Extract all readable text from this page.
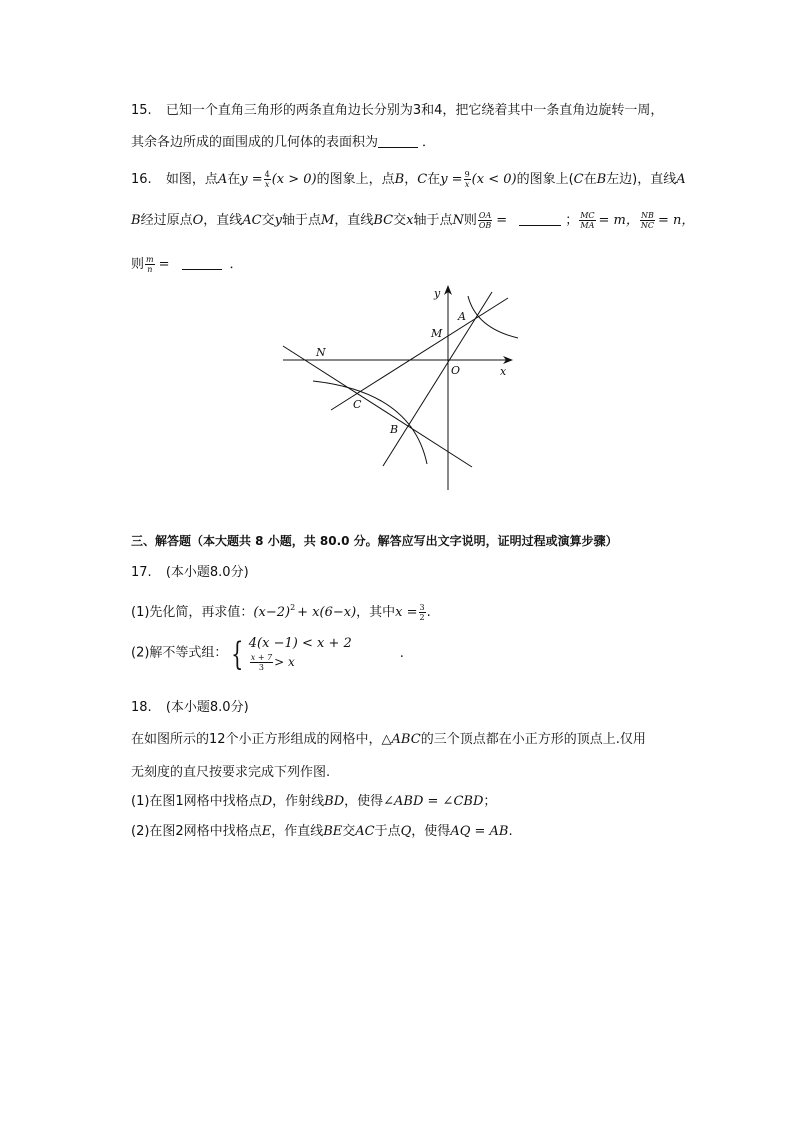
15. 已知一个直角三角形的两条直角边长分别为3和4，把它绕着其中一条直角边旋转一周，
其余各边所成的面围成的几何体的表面积为	．
16. 如图，点A在$y = \frac{4}{x} (x > 0)$的图象上，点B，C在$y = \frac{9}{x} (x < 0)$的图象上(C在B左边)，直线A
B经过原点O，直线AC交y轴于点M，直线BC交x轴于点N则 $\frac{OA}{OB}$ =	； $\frac{MC}{MA} = m$， $\frac{NB}{NC} = n$，
则 $\frac{m}{n}$ =	．
y
x
O
A
M
N
C
B
三、解答题（本大题共 8 小题，共 80.0 分。解答应写出文字说明，证明过程或演算步骤）
17. (本小题8.0分)
(1)先化简，再求值：$(x-2)^2 + x(6-x)$，其中$x = \frac{3}{2}$ .
(2)解不等式组： { 4(x −1) < x + 2
$\frac{x + 7}{3} > x$
.
18. (本小题8.0分)
在如图所示的12个小正方形组成的网格中，△ABC的三个顶点都在小正方形的顶点上.仅用
无刻度的直尺按要求完成下列作图.
(1)在图1网格中找格点D，作射线BD，使得∠ABD = ∠CBD；
(2)在图2网格中找格点E，作直线BE交AC于点Q，使得AQ = AB.
